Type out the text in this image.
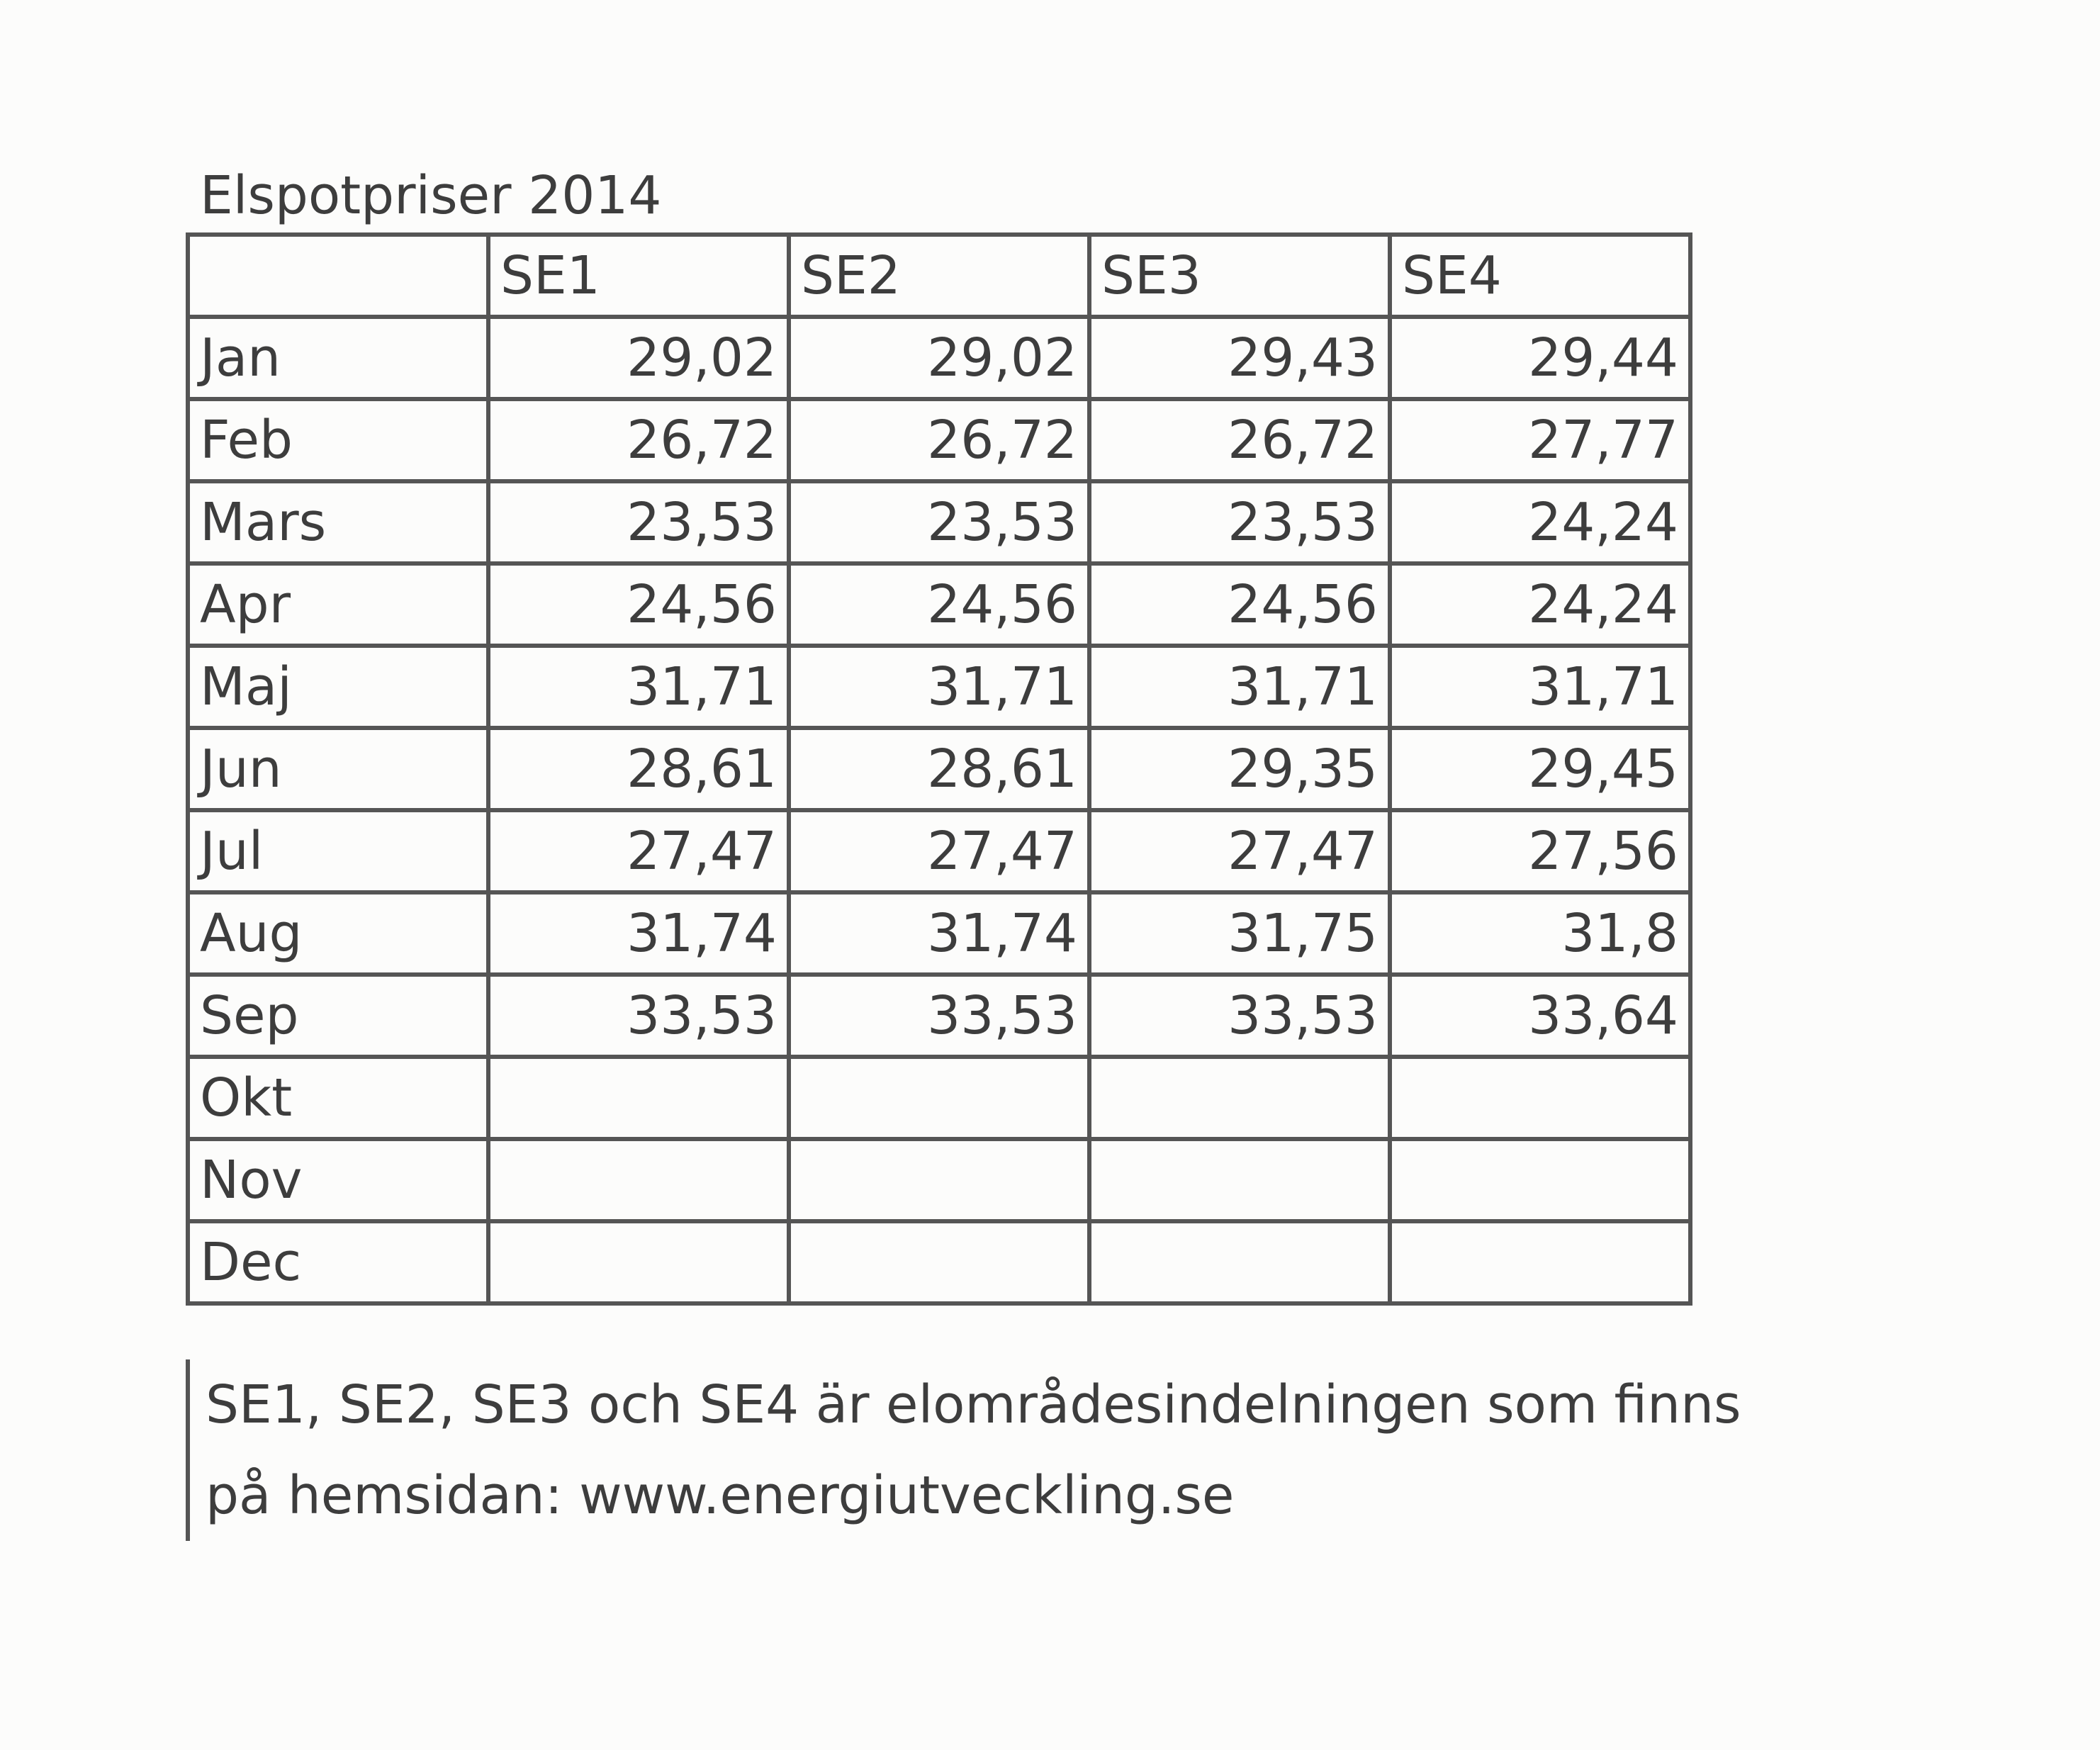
Elspotpriser 2014
	SE1	SE2	SE3	SE4
Jan	29,02	29,02	29,43	29,44
Feb	26,72	26,72	26,72	27,77
Mars	23,53	23,53	23,53	24,24
Apr	24,56	24,56	24,56	24,24
Maj	31,71	31,71	31,71	31,71
Jun	28,61	28,61	29,35	29,45
Jul	27,47	27,47	27,47	27,56
Aug	31,74	31,74	31,75	31,8
Sep	33,53	33,53	33,53	33,64
Okt				
Nov				
Dec				
SE1, SE2, SE3 och SE4 är elområdesindelningen som finns
på hemsidan: www.energiutveckling.se
